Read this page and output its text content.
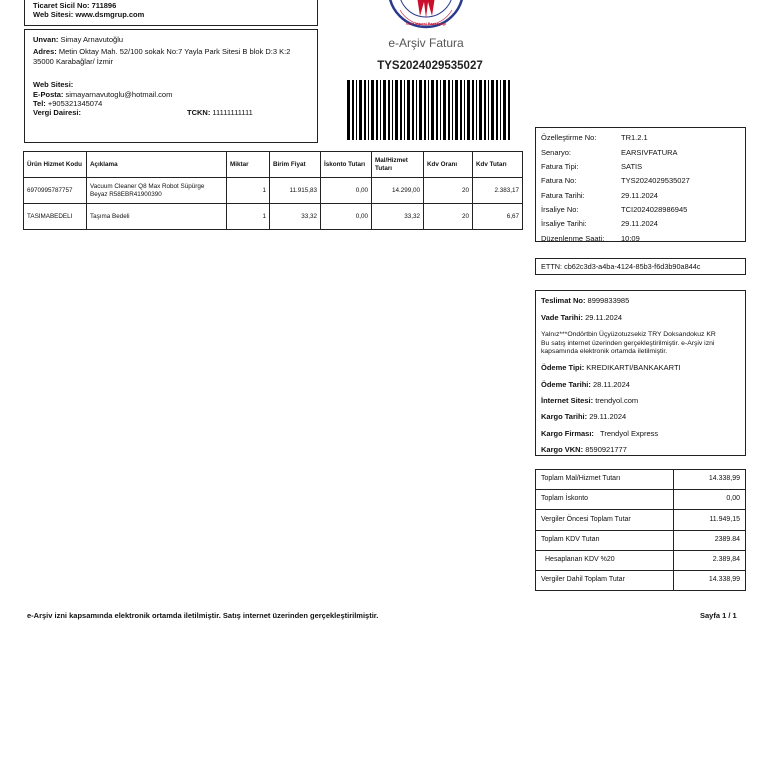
Ticaret Sicil No: 711896
Web Sitesi: www.dsmgrup.com
Unvan: Simay Arnavutoğlu
Adres: Metin Oktay Mah. 52/100 sokak No:7 Yayla Park Sitesi B blok D:3 K:2
35000 Karabağlar/ İzmir
Web Sitesi:
E-Posta: simayarnavutoglu@hotmail.com
Tel: +905321345074
Vergi Dairesi:	TCKN: 11111111111
Gelir İdaresi Başkanlığı
e-Arşiv Fatura
TYS2024029535027
Özelleştirme No:	TR1.2.1
Senaryo:	EARSIVFATURA
Fatura Tipi:	SATIS
Fatura No:	TYS2024029535027
Fatura Tarihi:	29.11.2024
İrsaliye No:	TCI2024028986945
İrsaliye Tarihi:	29.11.2024
Düzenlenme Saati:	10:09
ETTN: cb62c3d3-a4ba-4124-85b3-f6d3b90a844c
Teslimat No: 8999833985
Vade Tarihi: 29.11.2024
Yalnız***Ondörtbin Üçyüzotuzsekiz TRY Doksandokuz KR
Bu satış internet üzerinden gerçekleştirilmiştir. e-Arşiv izni
kapsamında elektronik ortamda iletilmiştir.
Ödeme Tipi: KREDIKARTI/BANKAKARTI
Ödeme Tarihi: 28.11.2024
İnternet Sitesi: trendyol.com
Kargo Tarihi: 29.11.2024
Kargo Firması: Trendyol Express
Kargo VKN: 8590921777
Ürün Hizmet Kodu	Açıklama	Miktar	Birim Fiyat	İskonto Tutarı	Mal/Hizmet Tutarı	Kdv Oranı	Kdv Tutarı
6970995787757	Vacuum Cleaner Q8 Max Robot Süpürge Beyaz R58EBR41900390	1	11.915,83	0,00	14.299,00	20	2.383,17
TASIMABEDELI	Taşıma Bedeli	1	33,32	0,00	33,32	20	6,67
Toplam Mal/Hizmet Tutarı	14.338,99
Toplam İskonto	0,00
Vergiler Öncesi Toplam Tutar	11.949,15
Toplam KDV Tutarı	2389.84
Hesaplanan KDV %20	2.389,84
Vergiler Dahil Toplam Tutar	14.338,99
e-Arşiv izni kapsamında elektronik ortamda iletilmiştir. Satış internet üzerinden gerçekleştirilmiştir.	Sayfa 1 / 1
